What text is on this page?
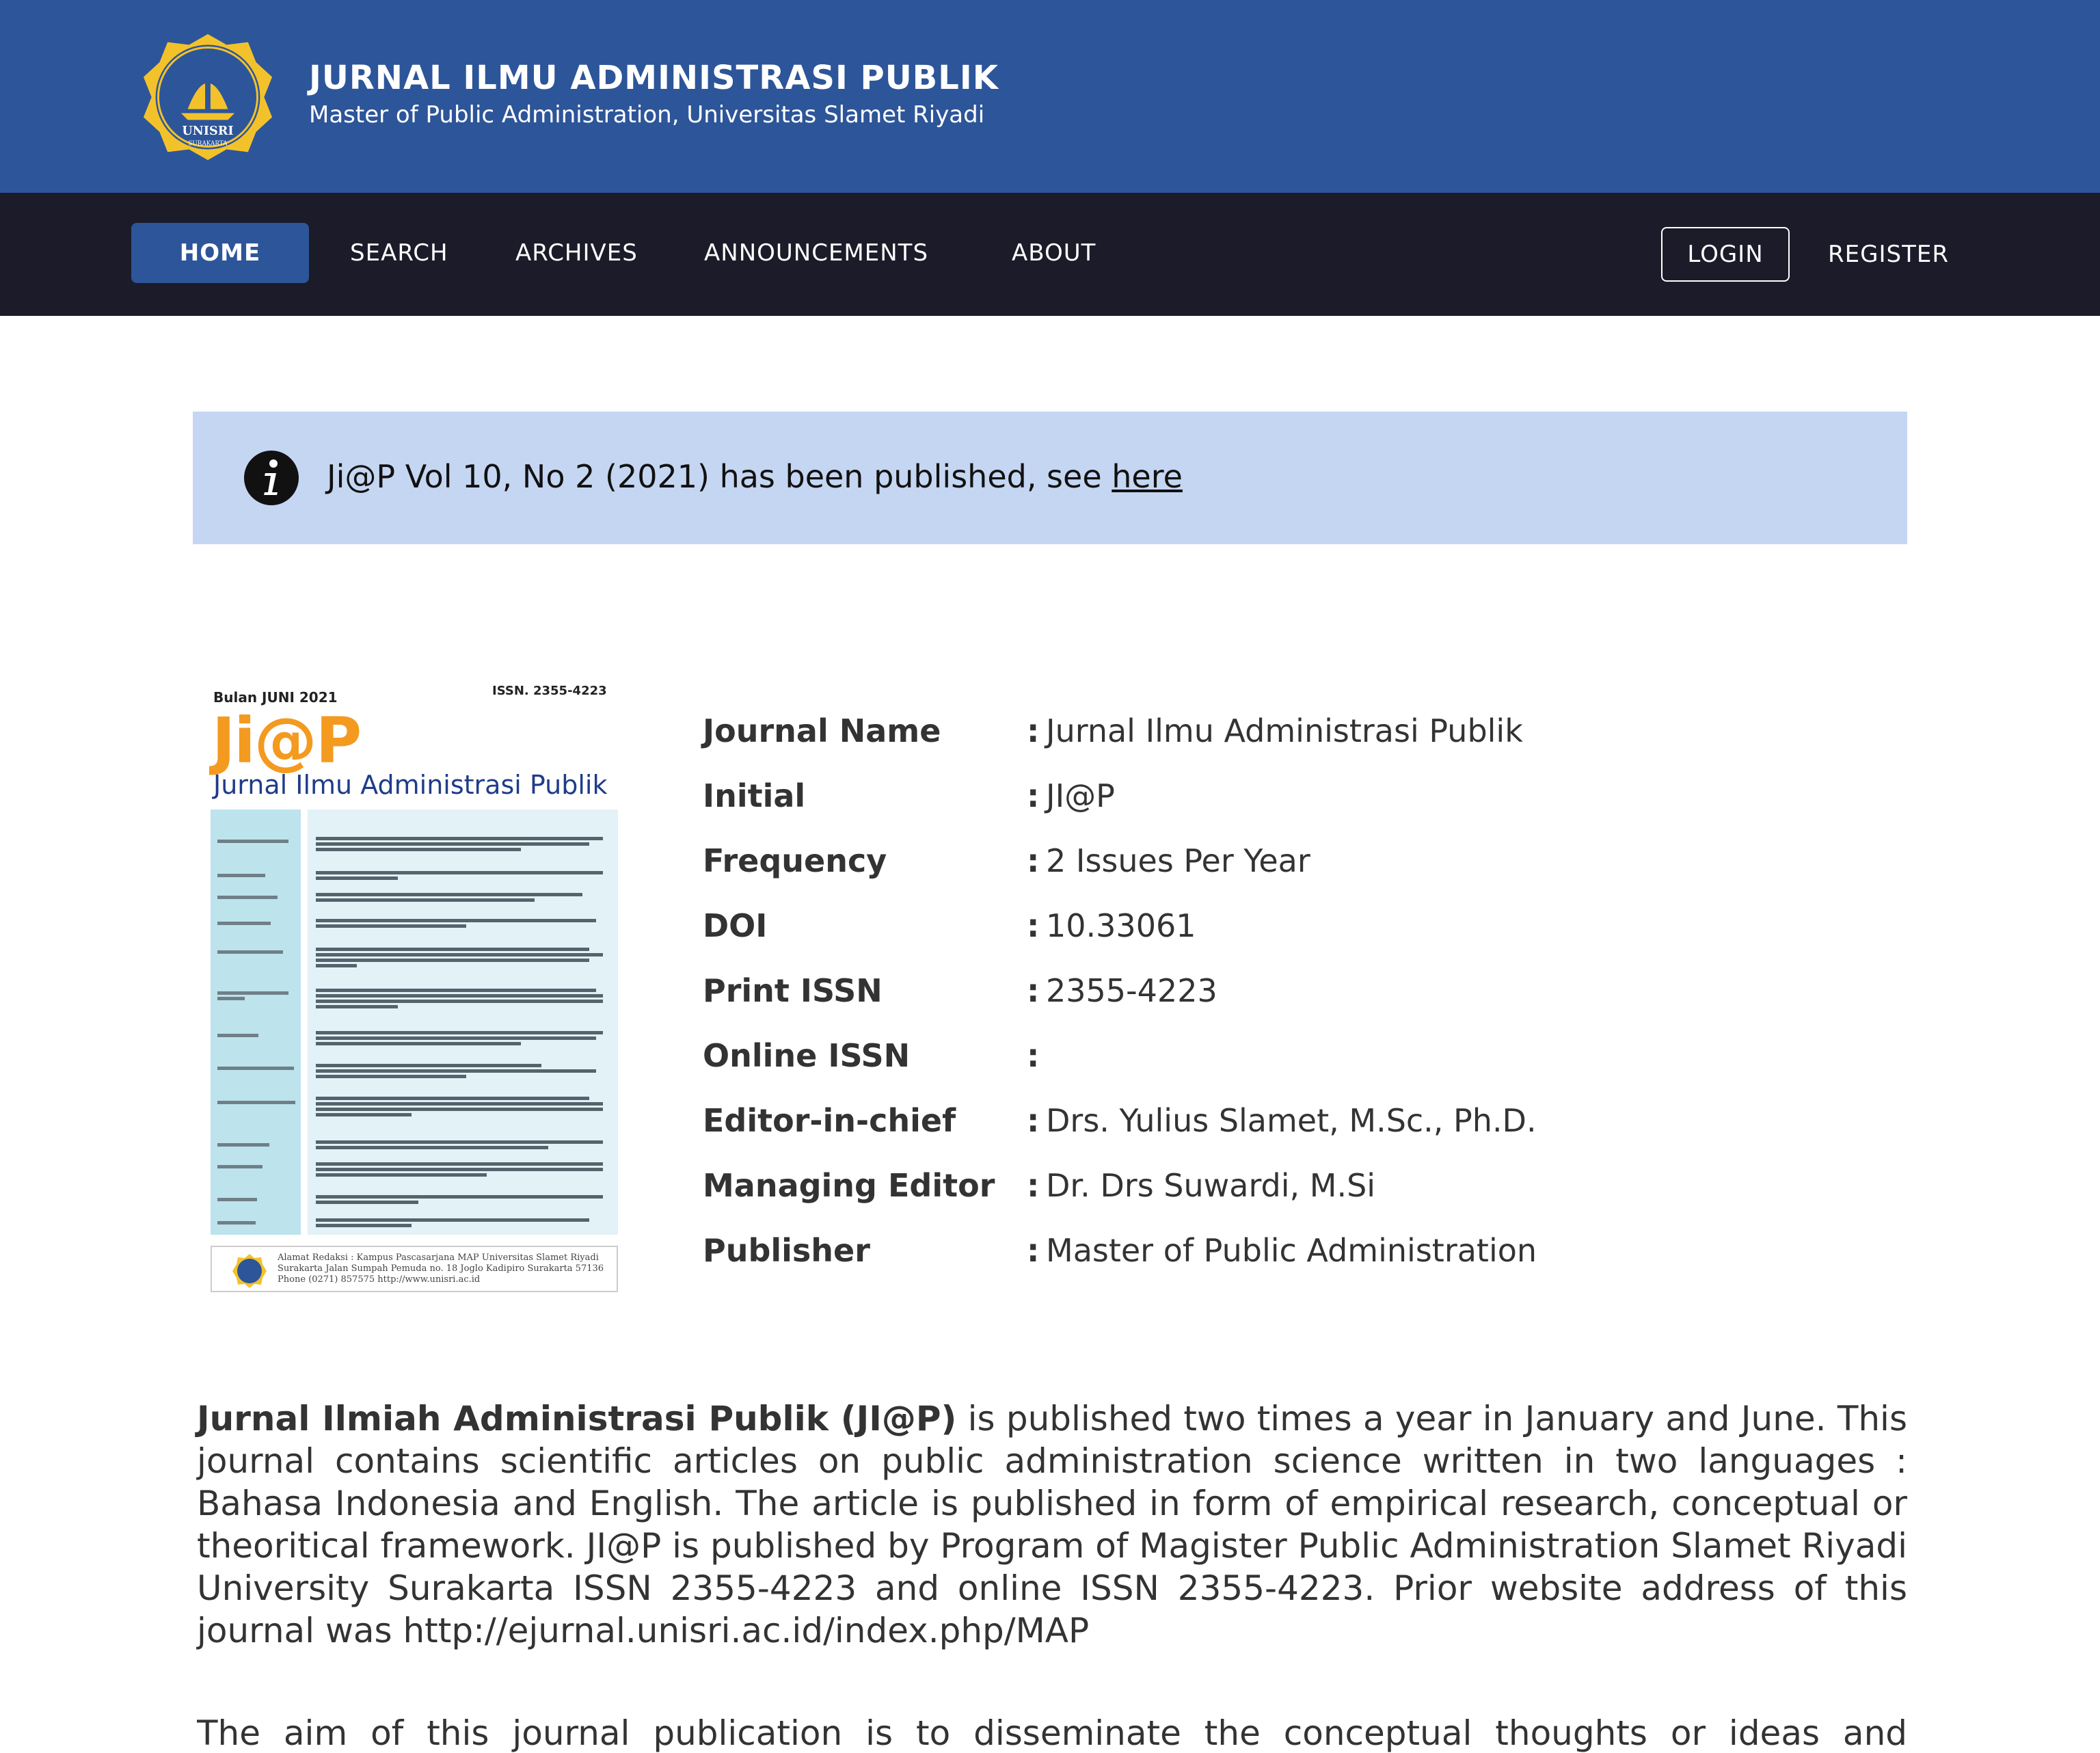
UNISRI
SURAKARTA
JURNAL ILMU ADMINISTRASI PUBLIK
Master of Public Administration, Universitas Slamet Riyadi
HOME	SEARCH	ARCHIVES	ANNOUNCEMENTS	ABOUT	LOGIN	REGISTER
Ji@P Vol 10, No 2 (2021) has been published, see here
Bulan JUNI 2021	ISSN. 2355-4223
Ji@P
Jurnal Ilmu Administrasi Publik
Alamat Redaksi : Kampus Pascasarjana MAP Universitas Slamet Riyadi Surakarta Jalan Sumpah Pemuda no. 18 Joglo Kadipiro Surakarta 57136 Phone (0271) 857575 http://www.unisri.ac.id
Journal Name	: Jurnal Ilmu Administrasi Publik
Initial	: JI@P
Frequency	: 2 Issues Per Year
DOI	: 10.33061
Print ISSN	: 2355-4223
Online ISSN	:
Editor-in-chief : Drs. Yulius Slamet, M.Sc., Ph.D.
Managing Editor : Dr. Drs Suwardi, M.Si
Publisher	: Master of Public Administration

Jurnal Ilmiah Administrasi Publik (JI@P) is published two times a year in January and June. This journal contains scientific articles on public administration science written in two languages : Bahasa Indonesia and English. The article is published in form of empirical research, conceptual or theoritical framework. JI@P is published by Program of Magister Public Administration Slamet Riyadi University Surakarta ISSN 2355-4223 and online ISSN 2355-4223. Prior website address of this journal was http://ejurnal.unisri.ac.id/index.php/MAP

The aim of this journal publication is to disseminate the conceptual thoughts or ideas and
